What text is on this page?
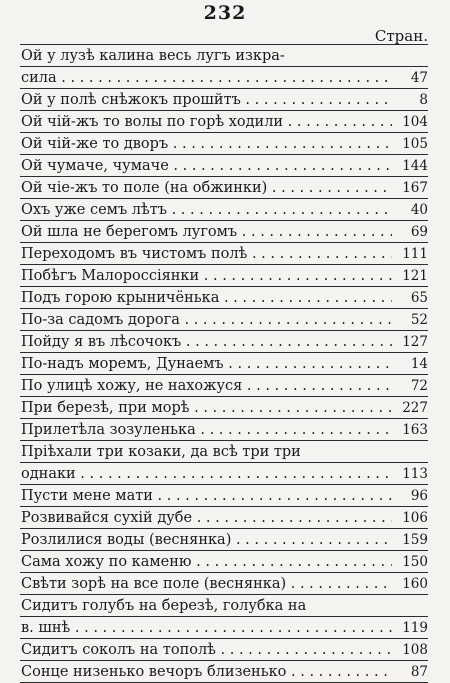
232
Стран.
Ой у лузѣ калина весь лугъ изкра-
сила . . .	47
Ой у полѣ снѣжокъ прошйтъ . . .	8
Ой чій-жъ то волы по горѣ ходили . . .	104
Ой чій-же то дворъ . . .	105
Ой чумаче, чумаче . . .	144
Ой чіе-жъ то поле (на обжинки) . . .	167
Охъ уже семъ лѣтъ . . .	40
Ой шла не берегомъ лугомъ . . .	69
Переходомъ въ чистомъ полѣ . . .	111
Побѣгъ Малороссіянки . . .	121
Подъ горою крыничёнька . . .	65
По-за садомъ дорога . . .	52
Пойду я въ лѣсочокъ . . .	127
По-надъ моремъ, Дунаемъ . . .	14
По улицѣ хожу, не нахожуся . . .	72
При березѣ, при морѣ . . .	227
Прилетѣла зозуленька . . .	163
Пріѣхали три козаки, да всѣ три три
однаки . . .	113
Пусти мене мати . . .	96
Розвивайся сухій дубе . . .	106
Розлилися воды (веснянка) . . .	159
Сама хожу по каменю . . .	150
Свѣти зорѣ на все поле (веснянка) . . .	160
Сидитъ голубъ на березѣ, голубка на
в. шнѣ . . .	119
Сидитъ соколъ на тополѣ . . .	108
Сонце низенько вечоръ близенько . . .	87
